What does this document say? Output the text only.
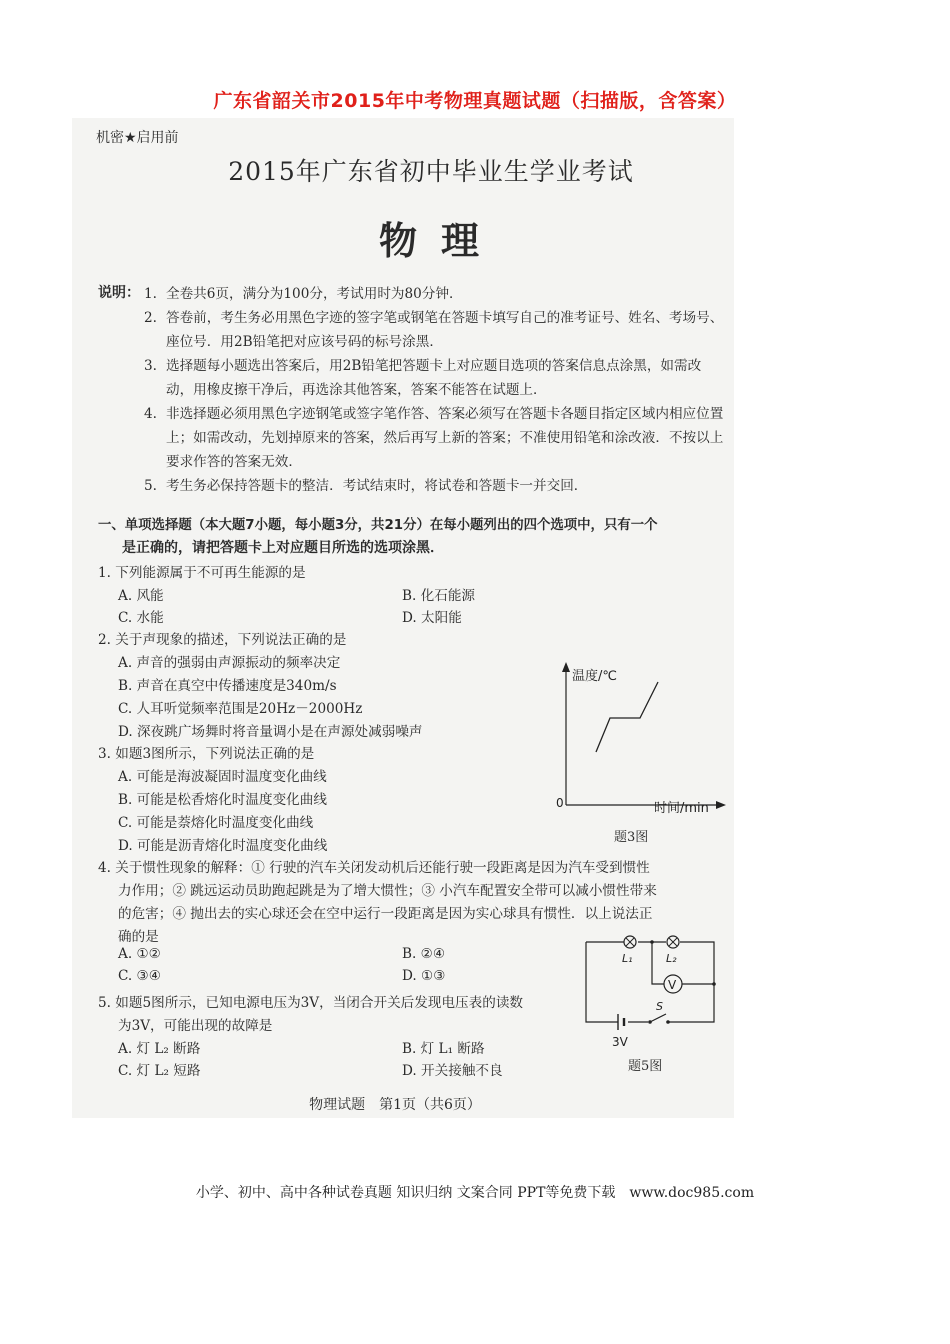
广东省韶关市2015年中考物理真题试题（扫描版，含答案）
机密★启用前
2015年广东省初中毕业生学业考试
物理
说明： 1. 全卷共6页，满分为100分，考试用时为80分钟．
2. 答卷前，考生务必用黑色字迹的签字笔或钢笔在答题卡填写自己的准考证号、姓名、考场号、座位号．用2B铅笔把对应该号码的标号涂黑．
3. 选择题每小题选出答案后，用2B铅笔把答题卡上对应题目选项的答案信息点涂黑，如需改动，用橡皮擦干净后，再选涂其他答案，答案不能答在试题上．
4. 非选择题必须用黑色字迹钢笔或签字笔作答、答案必须写在答题卡各题目指定区域内相应位置上；如需改动，先划掉原来的答案，然后再写上新的答案；不准使用铅笔和涂改液．不按以上要求作答的答案无效．
5. 考生务必保持答题卡的整洁．考试结束时，将试卷和答题卡一并交回．
一、单项选择题（本大题7小题，每小题3分，共21分）在每小题列出的四个选项中，只有一个
是正确的，请把答题卡上对应题目所选的选项涂黑．
1. 下列能源属于不可再生能源的是
A. 风能	B. 化石能源
C. 水能	D. 太阳能
2. 关于声现象的描述，下列说法正确的是
A. 声音的强弱由声源振动的频率决定
B. 声音在真空中传播速度是340m/s
C. 人耳听觉频率范围是20Hz－2000Hz
D. 深夜跳广场舞时将音量调小是在声源处减弱噪声
3. 如题3图所示，下列说法正确的是
A. 可能是海波凝固时温度变化曲线
B. 可能是松香熔化时温度变化曲线
C. 可能是萘熔化时温度变化曲线
D. 可能是沥青熔化时温度变化曲线
温度/℃
时间/min
0
题3图
4. 关于惯性现象的解释：① 行驶的汽车关闭发动机后还能行驶一段距离是因为汽车受到惯性
力作用；② 跳远运动员助跑起跳是为了增大惯性；③ 小汽车配置安全带可以减小惯性带来
的危害；④ 抛出去的实心球还会在空中运行一段距离是因为实心球具有惯性．以上说法正
确的是
A. ①②	B. ②④
C. ③④	D. ①③
5. 如题5图所示，已知电源电压为3V，当闭合开关后发现电压表的读数
为3V，可能出现的故障是
A. 灯 L₂ 断路	B. 灯 L₁ 断路
C. 灯 L₂ 短路	D. 开关接触不良
V
L₁	L₂
S
3V
题5图
物理试题　第1页（共6页）
小学、初中、高中各种试卷真题 知识归纳 文案合同 PPT等免费下载　www.doc985.com
